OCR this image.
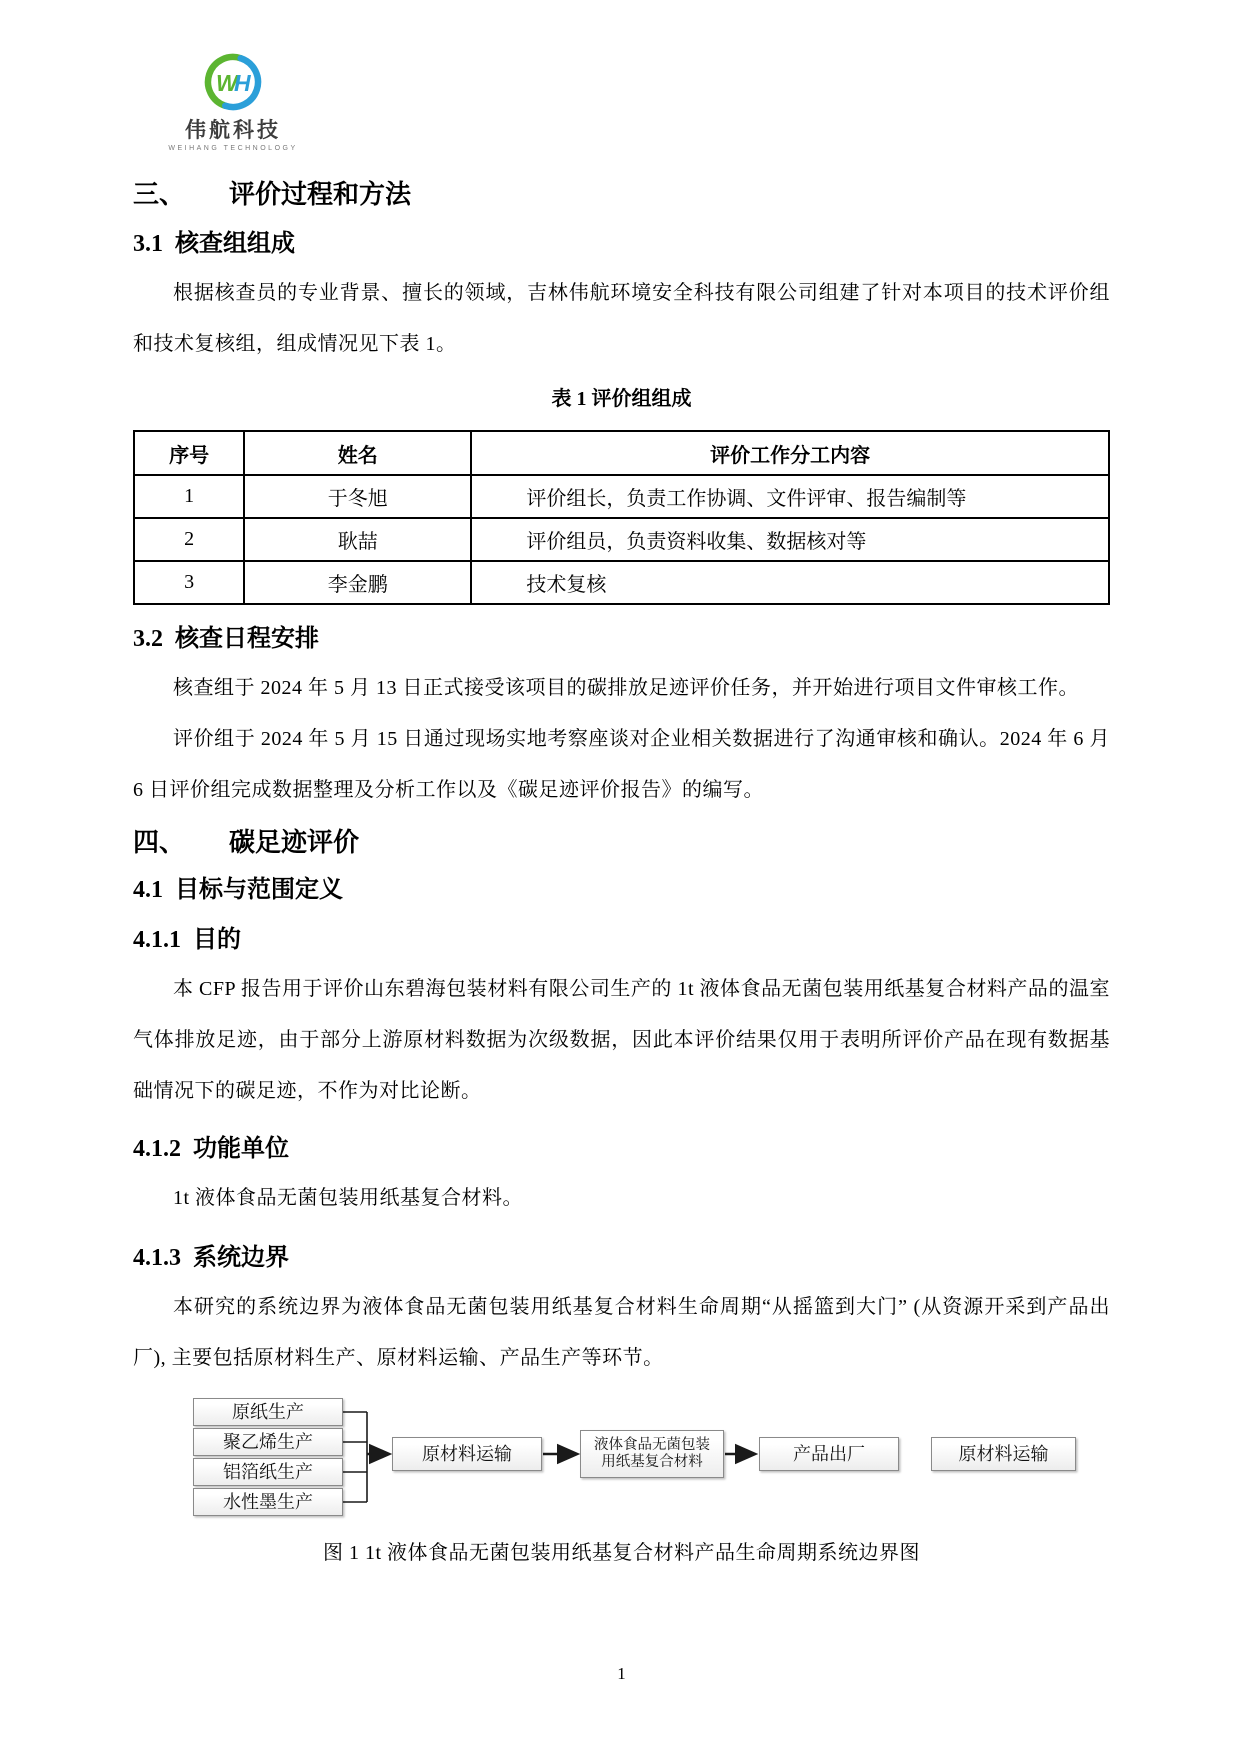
W
H
伟航科技
WEIHANG TECHNOLOGY
三、 评价过程和方法
3.1 核查组组成
根据核查员的专业背景、擅长的领域，吉林伟航环境安全科技有限公司组建了针对本项目的技术评价组和技术复核组，组成情况见下表 1。
表 1 评价组组成
序号	姓名	评价工作分工内容
1	于冬旭	评价组长，负责工作协调、文件评审、报告编制等
2	耿喆	评价组员，负责资料收集、数据核对等
3	李金鹏	技术复核
3.2 核查日程安排
核查组于 2024 年 5 月 13 日正式接受该项目的碳排放足迹评价任务，并开始进行项目文件审核工作。
评价组于 2024 年 5 月 15 日通过现场实地考察座谈对企业相关数据进行了沟通审核和确认。2024 年 6 月 6 日评价组完成数据整理及分析工作以及《碳足迹评价报告》的编写。
四、 碳足迹评价
4.1 目标与范围定义
4.1.1 目的
本 CFP 报告用于评价山东碧海包装材料有限公司生产的 1t 液体食品无菌包装用纸基复合材料产品的温室气体排放足迹，由于部分上游原材料数据为次级数据，因此本评价结果仅用于表明所评价产品在现有数据基础情况下的碳足迹，不作为对比论断。
4.1.2 功能单位
1t 液体食品无菌包装用纸基复合材料。
4.1.3 系统边界
本研究的系统边界为液体食品无菌包装用纸基复合材料生命周期“从摇篮到大门” (从资源开采到产品出厂), 主要包括原材料生产、原材料运输、产品生产等环节。
原纸生产
聚乙烯生产
铝箔纸生产
水性墨生产
原材料运输	液体食品无菌包装
用纸基复合材料	产品出厂	原材料运输
图 1 1t 液体食品无菌包装用纸基复合材料产品生命周期系统边界图
1
